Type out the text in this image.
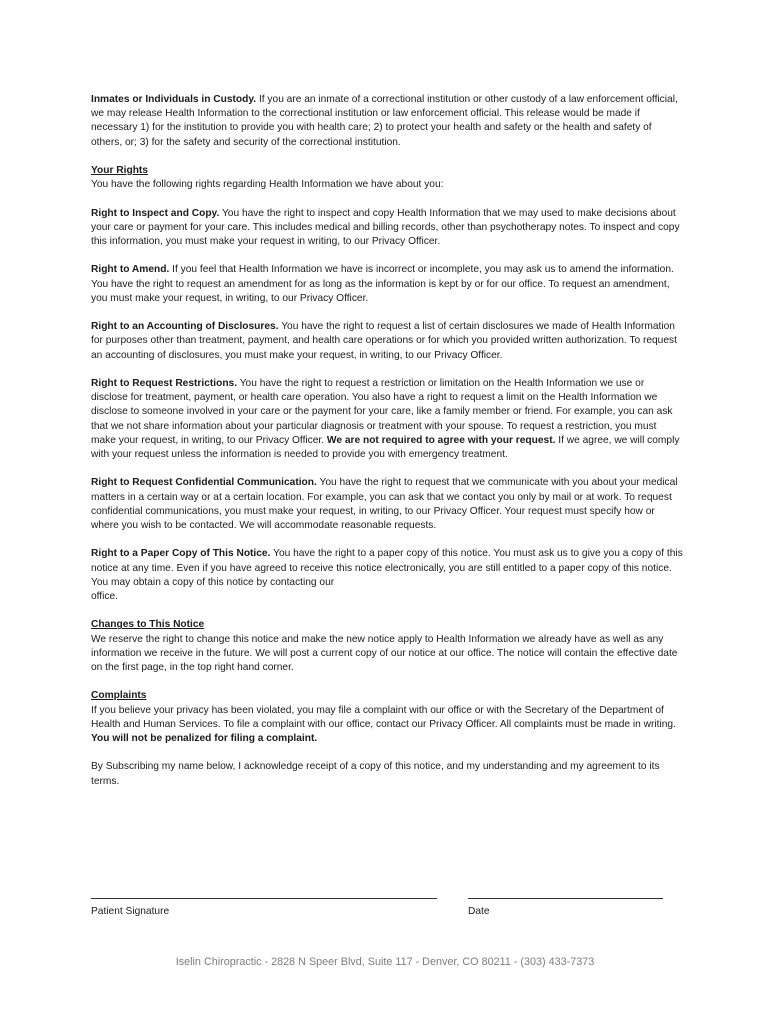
Inmates or Individuals in Custody. If you are an inmate of a correctional institution or other custody of a law enforcement official, we may release Health Information to the correctional institution or law enforcement official. This release would be made if necessary 1) for the institution to provide you with health care; 2) to protect your health and safety or the health and safety of others, or; 3) for the safety and security of the correctional institution.

Your Rights
You have the following rights regarding Health Information we have about you:

Right to Inspect and Copy. You have the right to inspect and copy Health Information that we may used to make decisions about your care or payment for your care. This includes medical and billing records, other than psychotherapy notes. To inspect and copy this information, you must make your request in writing, to our Privacy Officer.

Right to Amend. If you feel that Health Information we have is incorrect or incomplete, you may ask us to amend the information. You have the right to request an amendment for as long as the information is kept by or for our office. To request an amendment, you must make your request, in writing, to our Privacy Officer.

Right to an Accounting of Disclosures. You have the right to request a list of certain disclosures we made of Health Information for purposes other than treatment, payment, and health care operations or for which you provided written authorization. To request an accounting of disclosures, you must make your request, in writing, to our Privacy Officer.

Right to Request Restrictions. You have the right to request a restriction or limitation on the Health Information we use or disclose for treatment, payment, or health care operation. You also have a right to request a limit on the Health Information we disclose to someone involved in your care or the payment for your care, like a family member or friend. For example, you can ask that we not share information about your particular diagnosis or treatment with your spouse. To request a restriction, you must make your request, in writing, to our Privacy Officer. We are not required to agree with your request. If we agree, we will comply with your request unless the information is needed to provide you with emergency treatment.

Right to Request Confidential Communication. You have the right to request that we communicate with you about your medical matters in a certain way or at a certain location. For example, you can ask that we contact you only by mail or at work. To request confidential communications, you must make your request, in writing, to our Privacy Officer. Your request must specify how or where you wish to be contacted. We will accommodate reasonable requests.

Right to a Paper Copy of This Notice. You have the right to a paper copy of this notice. You must ask us to give you a copy of this notice at any time. Even if you have agreed to receive this notice electronically, you are still entitled to a paper copy of this notice. You may obtain a copy of this notice by contacting our
office.

Changes to This Notice
We reserve the right to change this notice and make the new notice apply to Health Information we already have as well as any information we receive in the future. We will post a current copy of our notice at our office. The notice will contain the effective date on the first page, in the top right hand corner.

Complaints
If you believe your privacy has been violated, you may file a complaint with our office or with the Secretary of the Department of Health and Human Services. To file a complaint with our office, contact our Privacy Officer. All complaints must be made in writing. You will not be penalized for filing a complaint.

By Subscribing my name below, I acknowledge receipt of a copy of this notice, and my understanding and my agreement to its terms.

Patient Signature	Date
Iselin Chiropractic - 2828 N Speer Blvd, Suite 117 - Denver, CO 80211 - (303) 433-7373
